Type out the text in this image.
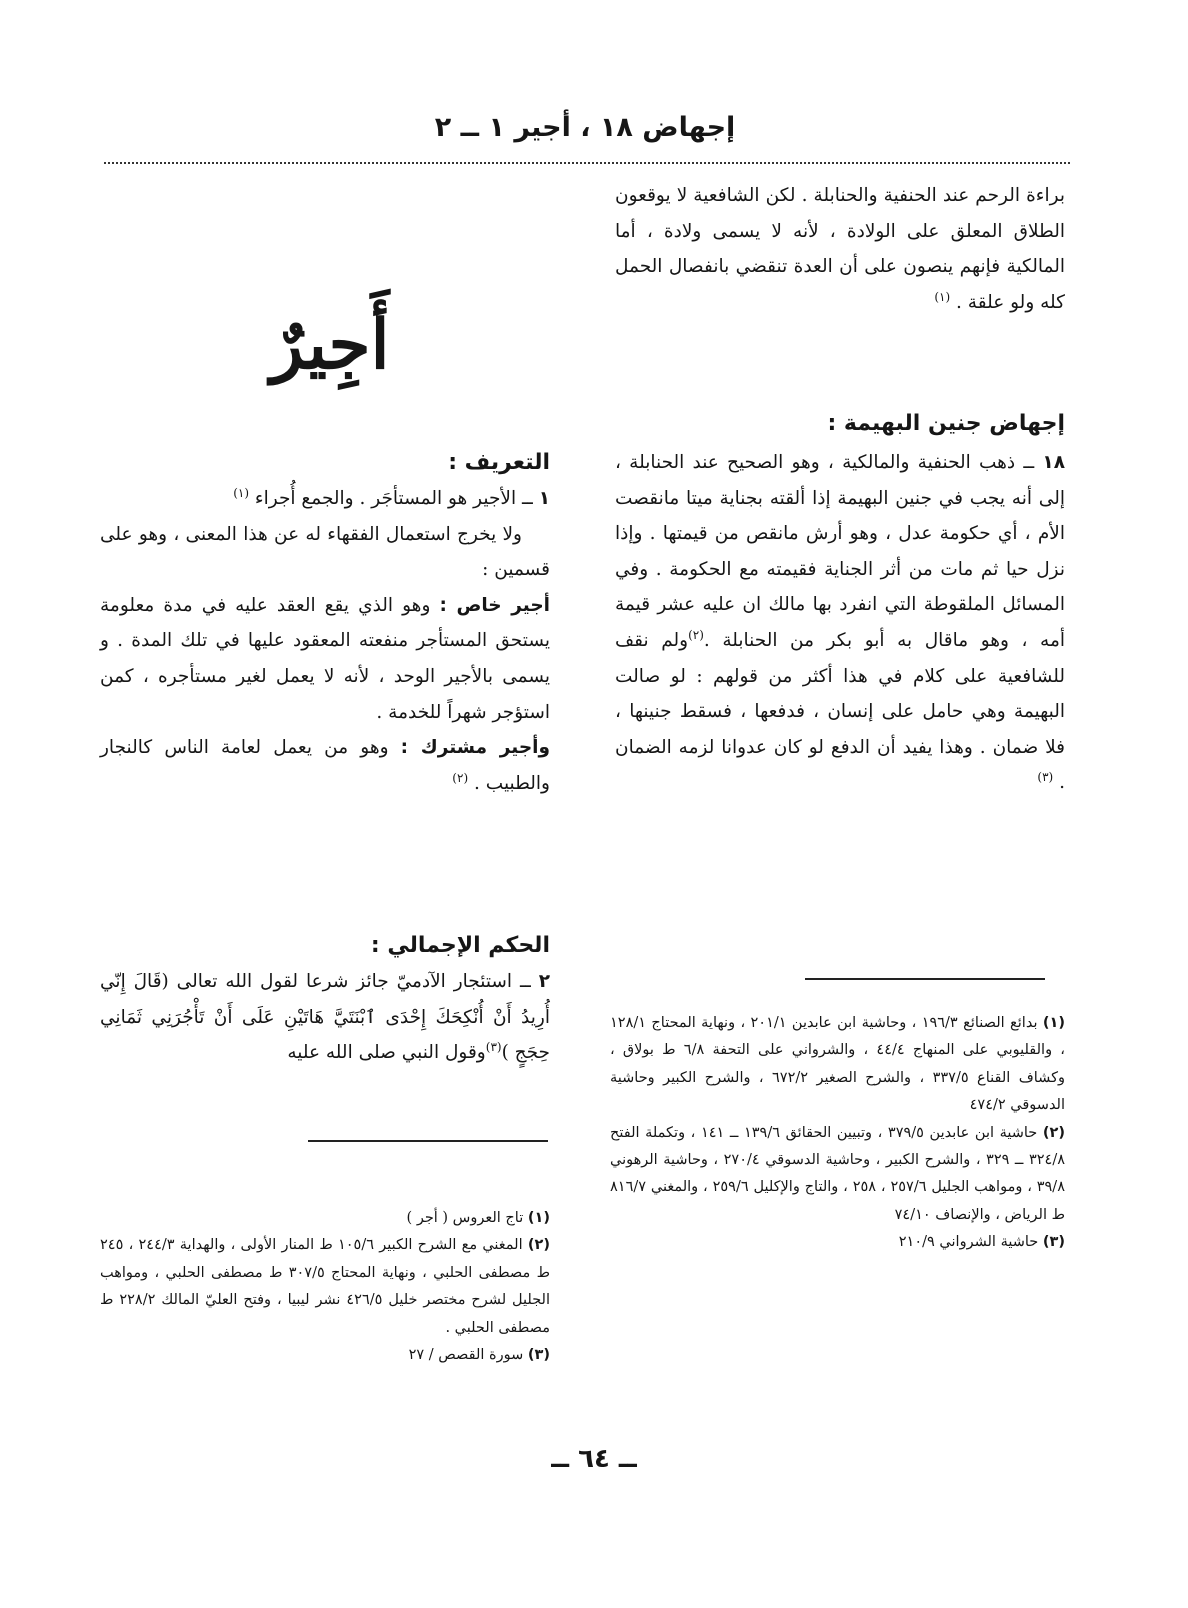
إجهاض ١٨ ، أجير ١ ــ ٢

براءة الرحم عند الحنفية والحنابلة . لكن الشافعية لا يوقعون الطلاق المعلق على الولادة ، لأنه لا يسمى ولادة ، أما المالكية فإنهم ينصون على أن العدة تنقضي بانفصال الحمل كله ولو علقة . $^{(١)}$

إجهاض جنين البهيمة :

١٨ ــ ذهب الحنفية والمالكية ، وهو الصحيح عند الحنابلة ، إلى أنه يجب في جنين البهيمة إذا ألقته بجناية ميتا مانقصت الأم ، أي حكومة عدل ، وهو أرش مانقص من قيمتها . وإذا نزل حيا ثم مات من أثر الجناية فقيمته مع الحكومة . وفي المسائل الملقوطة التي انفرد بها مالك ان عليه عشر قيمة أمه ، وهو ماقال به أبو بكر من الحنابلة .$^{(٢)}$ولم نقف للشافعية على كلام في هذا أكثر من قولهم : لو صالت البهيمة وهي حامل على إنسان ، فدفعها ، فسقط جنينها ، فلا ضمان . وهذا يفيد أن الدفع لو كان عدوانا لزمه الضمان . $^{(٣)}$

(١) بدائع الصنائع ١٩٦/٣ ، وحاشية ابن عابدين ٢٠١/١ ، ونهاية المحتاج ١٢٨/١ ، والقليوبي على المنهاج ٤٤/٤ ، والشرواني على التحفة ٦/٨ ط بولاق ، وكشاف القناع ٣٣٧/٥ ، والشرح الصغير ٦٧٢/٢ ، والشرح الكبير وحاشية الدسوقي ٤٧٤/٢

(٢) حاشية ابن عابدين ٣٧٩/٥ ، وتبيين الحقائق ١٣٩/٦ ــ ١٤١ ، وتكملة الفتح ٣٢٤/٨ ــ ٣٢٩ ، والشرح الكبير ، وحاشية الدسوقي ٢٧٠/٤ ، وحاشية الرهوني ٣٩/٨ ، ومواهب الجليل ٢٥٧/٦ ، ٢٥٨ ، والتاج والإكليل ٢٥٩/٦ ، والمغني ٨١٦/٧ ط الرياض ، والإنصاف ٧٤/١٠

(٣) حاشية الشرواني ٢١٠/٩

أَجِيرٌ

التعريف :

١ ــ الأجير هو المستأجَر . والجمع أُجراء $^{(١)}$

ولا يخرج استعمال الفقهاء له عن هذا المعنى ، وهو على قسمين :

أجير خاص : وهو الذي يقع العقد عليه في مدة معلومة يستحق المستأجر منفعته المعقود عليها في تلك المدة . و يسمى بالأجير الوحد ، لأنه لا يعمل لغير مستأجره ، كمن استؤجر شهراً للخدمة .

وأجير مشترك : وهو من يعمل لعامة الناس كالنجار والطبيب . $^{(٢)}$

الحكم الإجمالي :

٢ ــ استئجار الآدميّ جائز شرعا لقول الله تعالى (قَالَ إِنّي أُرِيدُ أَنْ أُنْكِحَكَ إِحْدَى ٱبْنَتَيَّ هَاتَيْنِ عَلَى أَنْ تَأْجُرَنِي ثَمَانِي حِجَجٍ )$^{(٣)}$وقول النبي صلى الله عليه

(١) تاج العروس ( أجر )

(٢) المغني مع الشرح الكبير ١٠٥/٦ ط المنار الأولى ، والهداية ٢٤٤/٣ ، ٢٤٥ ط مصطفى الحلبي ، ونهاية المحتاج ٣٠٧/٥ ط مصطفى الحلبي ، ومواهب الجليل لشرح مختصر خليل ٤٢٦/٥ نشر ليبيا ، وفتح العليّ المالك ٢٢٨/٢ ط مصطفى الحلبي .

(٣) سورة القصص / ٢٧

ــ ٦٤ ــ
